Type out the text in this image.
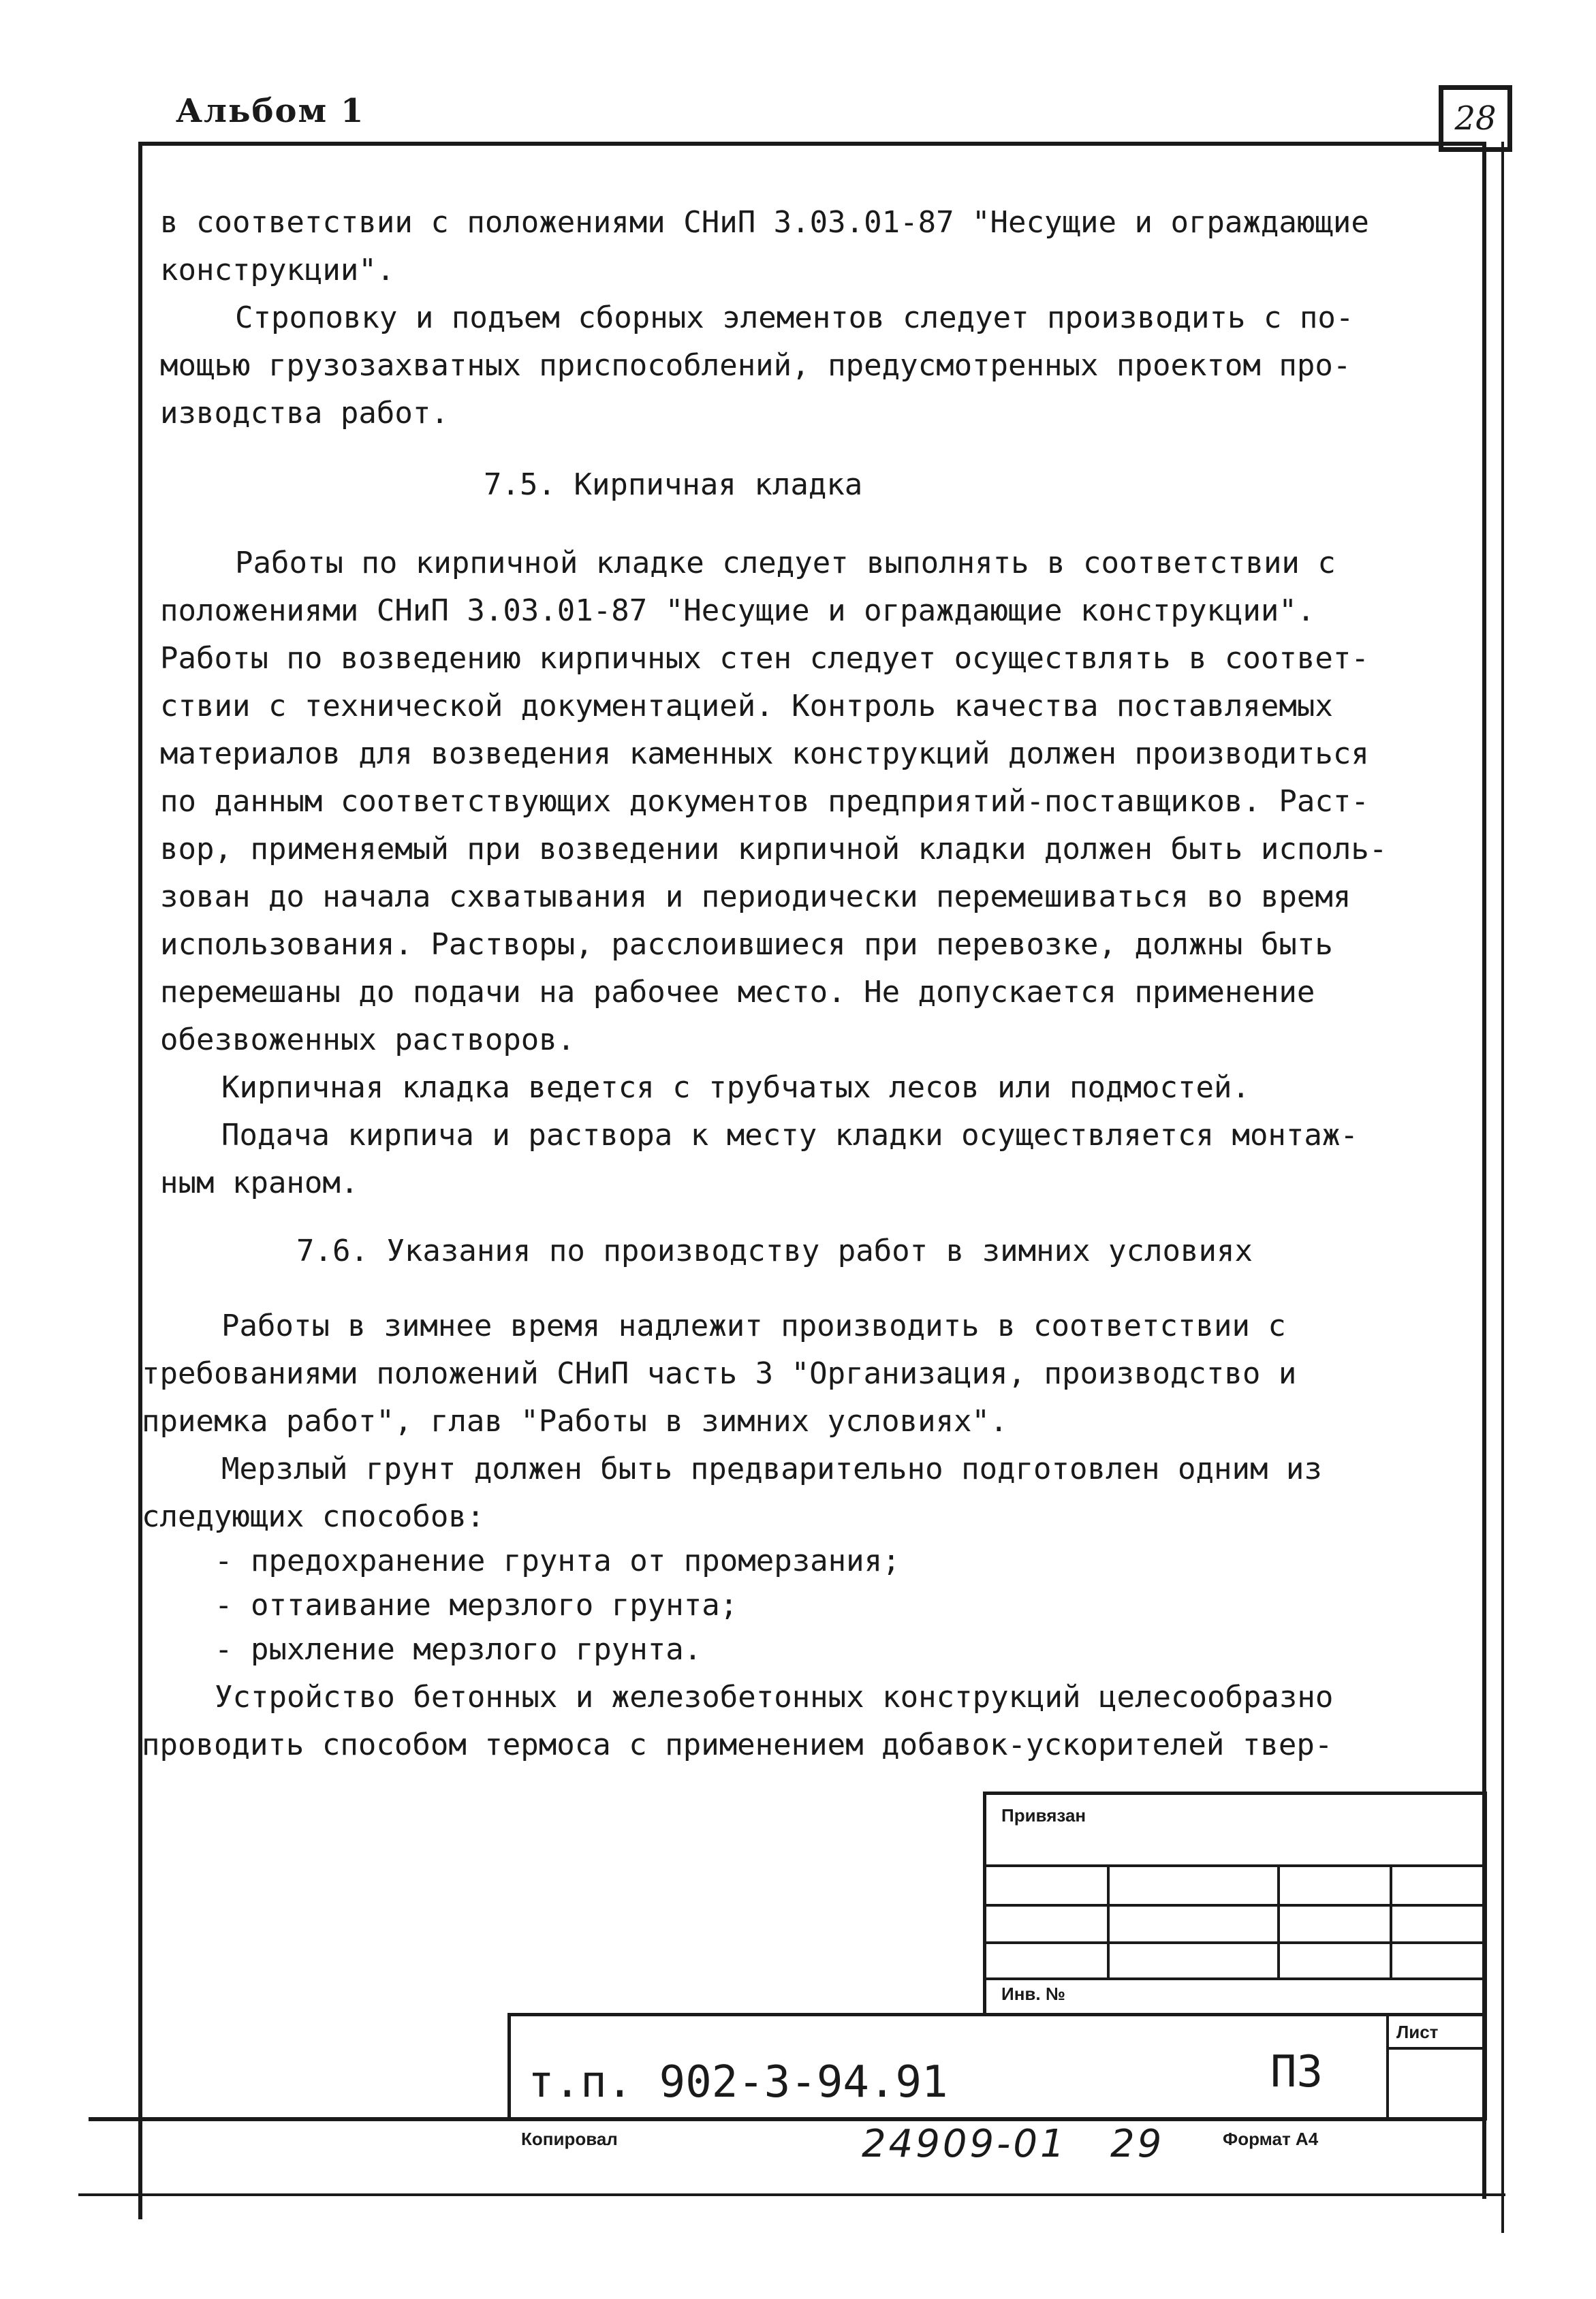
Альбом 1	28
в соответствии с положениями СНиП 3.03.01-87 "Несущие и ограждающие
конструкции".
Строповку и подъем сборных элементов следует производить с по-
мощью грузозахватных приспособлений, предусмотренных проектом про-
изводства работ.
7.5. Кирпичная кладка
Работы по кирпичной кладке следует выполнять в соответствии с
положениями СНиП 3.03.01-87 "Несущие и ограждающие конструкции".
Работы по возведению кирпичных стен следует осуществлять в соответ-
ствии с технической документацией. Контроль качества поставляемых
материалов для возведения каменных конструкций должен производиться
по данным соответствующих документов предприятий-поставщиков. Раст-
вор, применяемый при возведении кирпичной кладки должен быть исполь-
зован до начала схватывания и периодически перемешиваться во время
использования. Растворы, расслоившиеся при перевозке, должны быть
перемешаны до подачи на рабочее место. Не допускается применение
обезвоженных растворов.
Кирпичная кладка ведется с трубчатых лесов или подмостей.
Подача кирпича и раствора к месту кладки осуществляется монтаж-
ным краном.
7.6. Указания по производству работ в зимних условиях
Работы в зимнее время надлежит производить в соответствии с
требованиями положений СНиП часть 3 "Организация, производство и
приемка работ", глав "Работы в зимних условиях".
Мерзлый грунт должен быть предварительно подготовлен одним из
следующих способов:
- предохранение грунта от промерзания;
- оттаивание мерзлого грунта;
- рыхление мерзлого грунта.
Устройство бетонных и железобетонных конструкций целесообразно
проводить способом термоса с применением добавок-ускорителей твер-
Привязан
Инв. №
Лист
т.п. 902-3-94.91	ПЗ
Копировал	24909-01 29	Формат А4
